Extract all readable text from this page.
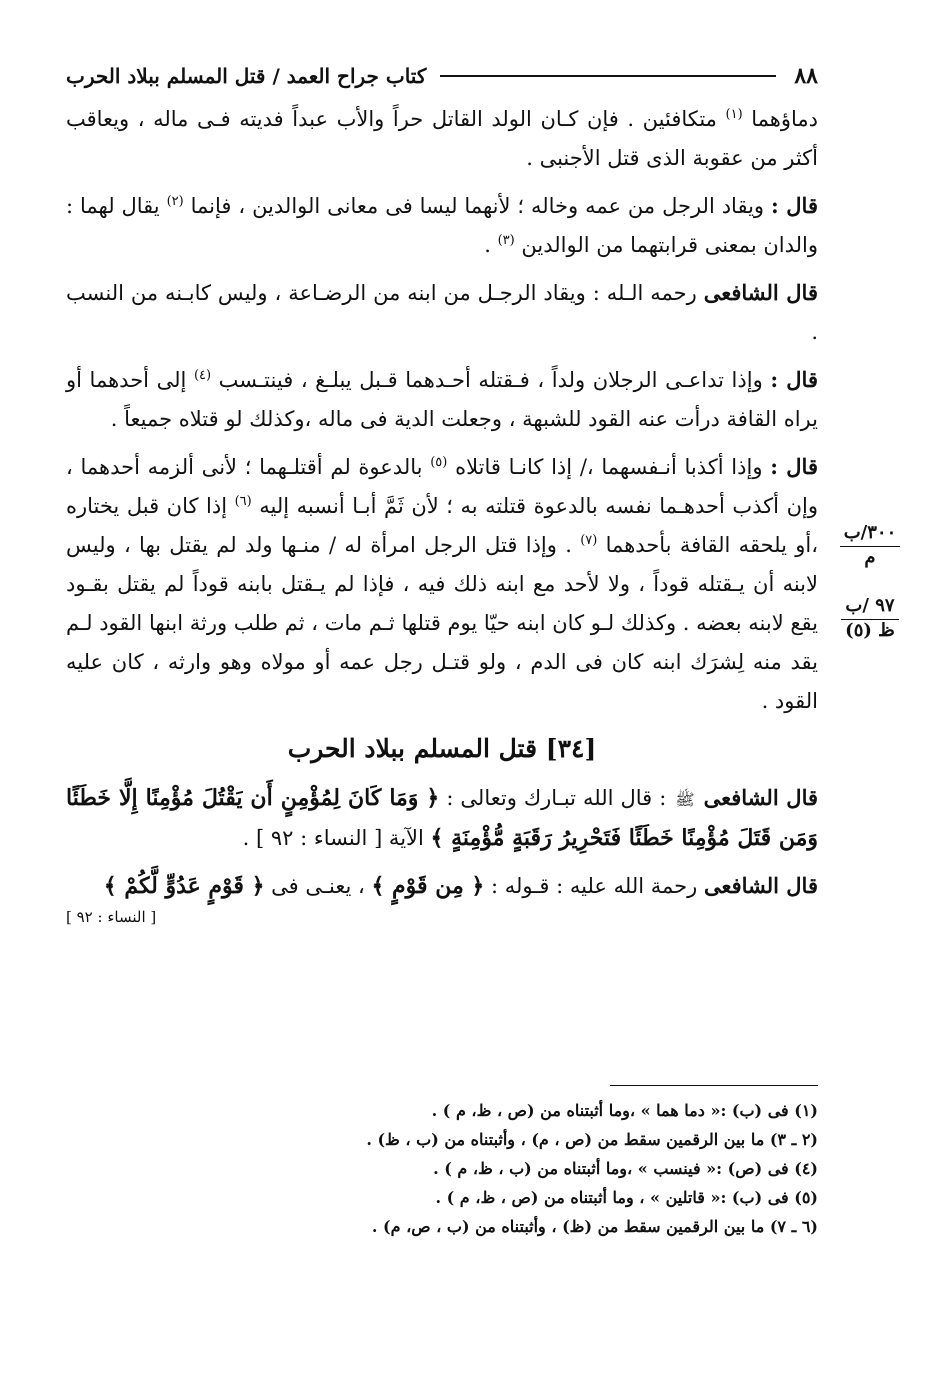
٨٨
كتاب جراح العمد / قتل المسلم ببلاد الحرب

دماؤهما $^{(١)}$ متكافئين . فإن كـان الولد القاتل حراً والأب عبداً فديته فـى ماله ، ويعاقب أكثر من عقوبة الذى قتل الأجنبى .

قال : ويقاد الرجل من عمه وخاله ؛ لأنهما ليسا فى معانى الوالدين ، فإنما $^{(٢)}$ يقال لهما : والدان بمعنى قرابتهما من الوالدين $^{(٣)}$ .

قال الشافعى رحمه الـله : ويقاد الرجـل من ابنه من الرضـاعة ، وليس كابـنه من النسب .

قال : وإذا تداعـى الرجلان ولداً ، فـقتله أحـدهما قـبل يبلـغ ، فينتـسب $^{(٤)}$ إلى أحدهما أو يراه القافة درأت عنه القود للشبهة ، وجعلت الدية فى ماله ،وكذلك لو قتلاه جميعاً .

قال : وإذا أكذبا أنـفسهما ،/ إذا كانـا قاتلاه $^{(٥)}$ بالدعوة لم أقتلـهما ؛ لأنى ألزمه أحدهما ، وإن أكذب أحدهـما نفسه بالدعوة قتلته به ؛ لأن ثَمَّ أبـا أنسبه إليه $^{(٦)}$ إذا كان قبل يختاره ،أو يلحقه القافة بأحدهما $^{(٧)}$ . وإذا قتل الرجل امرأة له / منـها ولد لم يقتل بها ، وليس لابنه أن يـقتله قوداً ، ولا لأحد مع ابنه ذلك فيه ، فإذا لم يـقتل بابنه قوداً لم يقتل بقـود يقع لابنه بعضه . وكذلك لـو كان ابنه حيّا يوم قتلها ثـم مات ، ثم طلب ورثة ابنها القود لـم يقد منه لِشرَك ابنه كان فى الدم ، ولو قتـل رجل عمه أو مولاه وهو وارثه ، كان عليه القود .

[٣٤] قتل المسلم ببلاد الحرب

قال الشافعى ﷺ : قال الله تبـارك وتعالى : ﴿ وَمَا كَانَ لِمُؤْمِنٍ أَن يَقْتُلَ مُؤْمِنًا إِلَّا خَطَئًا وَمَن قَتَلَ مُؤْمِنًا خَطَئًا فَتَحْرِيرُ رَقَبَةٍ مُّؤْمِنَةٍ ﴾ الآية [ النساء : ٩٢ ] .

قال الشافعى رحمة الله عليه : قـوله : ﴿ مِن قَوْمٍ ﴾ ، يعنـى فى ﴿ قَوْمٍ عَدُوٍّ لَّكُمْ ﴾

[ النساء : ٩٢ ]
٣٠٠/ب
م
٩٧ /ب
ظ (٥)
(١) فى (ب) :« دما هما » ،وما أثبتناه من (ص ، ظ، م ) .
(٢ ـ ٣) ما بين الرقمين سقط من (ص ، م) ، وأثبتناه من (ب ، ظ) .
(٤) فى (ص) :« فينسب » ،وما أثبتناه من (ب ، ظ، م ) .
(٥) فى (ب) :« قاتلين » ، وما أثبتناه من (ص ، ظ، م ) .
(٦ ـ ٧) ما بين الرقمين سقط من (ظ) ، وأثبتناه من (ب ، ص، م) .
